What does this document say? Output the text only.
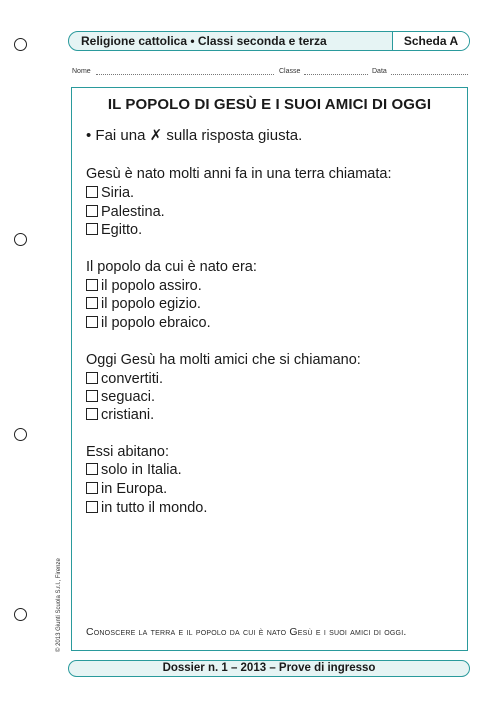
Religione cattolica • Classi seconda e terza	Scheda A
Nome	Classe	Data
IL POPOLO DI GESÙ E I SUOI AMICI DI OGGI
• Fai una ✗ sulla risposta giusta.
Gesù è nato molti anni fa in una terra chiamata:
Siria.
Palestina.
Egitto.
Il popolo da cui è nato era:
il popolo assiro.
il popolo egizio.
il popolo ebraico.
Oggi Gesù ha molti amici che si chiamano:
convertiti.
seguaci.
cristiani.
Essi abitano:
solo in Italia.
in Europa.
in tutto il mondo.
Conoscere la terra e il popolo da cui è nato Gesù e i suoi amici di oggi.
Dossier n. 1 – 2013 – Prove di ingresso
© 2013 Giunti Scuola S.r.l., Firenze
